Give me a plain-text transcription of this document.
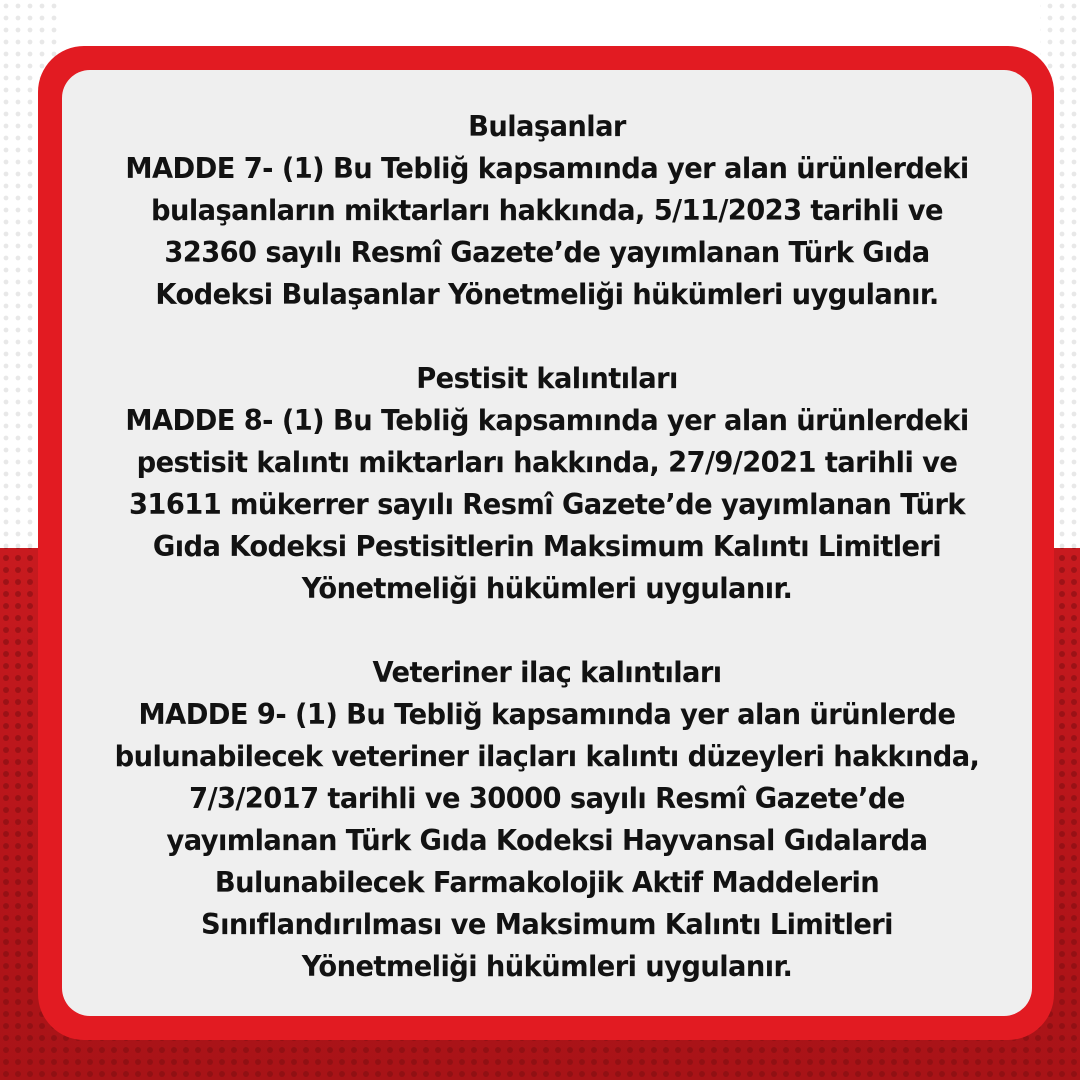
Bulaşanlar
MADDE 7- (1) Bu Tebliğ kapsamında yer alan ürünlerdeki
bulaşanların miktarları hakkında, 5/11/2023 tarihli ve
32360 sayılı Resmî Gazete’de yayımlanan Türk Gıda
Kodeksi Bulaşanlar Yönetmeliği hükümleri uygulanır.
Pestisit kalıntıları
MADDE 8- (1) Bu Tebliğ kapsamında yer alan ürünlerdeki
pestisit kalıntı miktarları hakkında, 27/9/2021 tarihli ve
31611 mükerrer sayılı Resmî Gazete’de yayımlanan Türk
Gıda Kodeksi Pestisitlerin Maksimum Kalıntı Limitleri
Yönetmeliği hükümleri uygulanır.
Veteriner ilaç kalıntıları
MADDE 9- (1) Bu Tebliğ kapsamında yer alan ürünlerde
bulunabilecek veteriner ilaçları kalıntı düzeyleri hakkında,
7/3/2017 tarihli ve 30000 sayılı Resmî Gazete’de
yayımlanan Türk Gıda Kodeksi Hayvansal Gıdalarda
Bulunabilecek Farmakolojik Aktif Maddelerin
Sınıflandırılması ve Maksimum Kalıntı Limitleri
Yönetmeliği hükümleri uygulanır.
